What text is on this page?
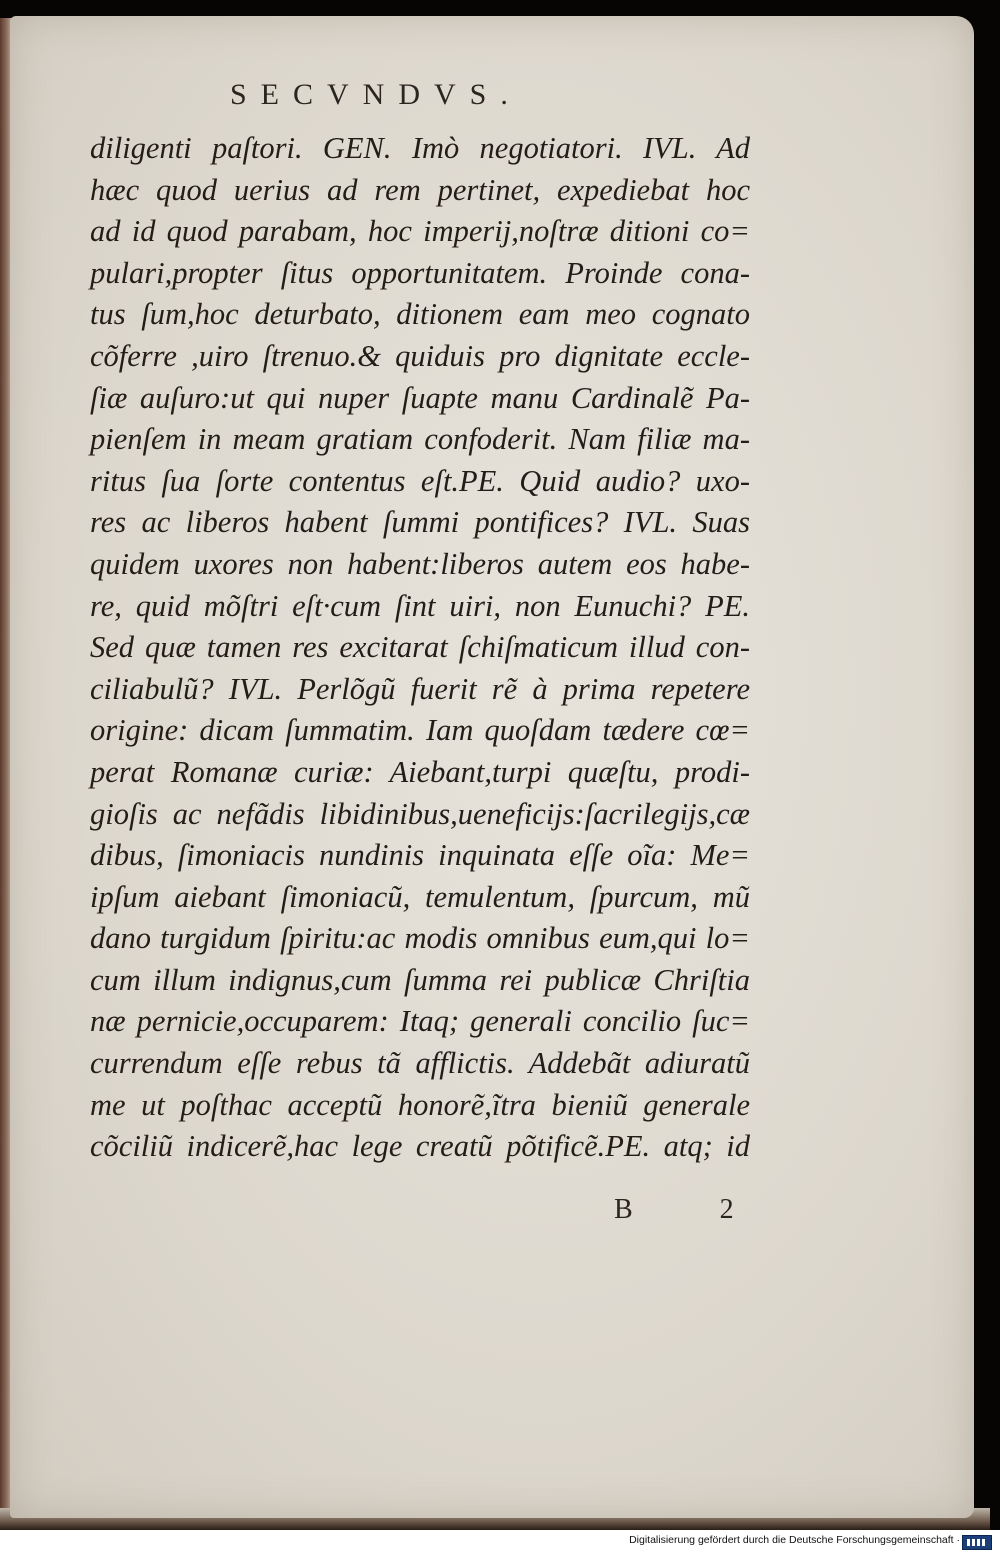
SECVNDVS.
diligenti paſtori. GEN. Imò negotiatori. IVL. Ad
hæc quod uerius ad rem pertinet, expediebat hoc
ad id quod parabam, hoc imperij,noſtræ ditioni co=
pulari,propter ſitus opportunitatem. Proinde cona-
tus ſum,hoc deturbato, ditionem eam meo cognato
cõferre ,uiro ſtrenuo.& quiduis pro dignitate eccle-
ſiæ auſuro:ut qui nuper ſuapte manu Cardinalẽ Pa-
pienſem in meam gratiam confoderit. Nam filiæ ma-
ritus ſua ſorte contentus eſt.PE. Quid audio? uxo-
res ac liberos habent ſummi pontifices? IVL. Suas
quidem uxores non habent:liberos autem eos habe-
re, quid mõſtri eſt·cum ſint uiri, non Eunuchi? PE.
Sed quæ tamen res excitarat ſchiſmaticum illud con-
ciliabulũ? IVL. Perlõgũ fuerit rẽ à prima repetere
origine: dicam ſummatim. Iam quoſdam tædere cœ=
perat Romanæ curiæ: Aiebant,turpi quæſtu, prodi-
gioſis ac nefãdis libidinibus,ueneficijs:ſacrilegijs,cæ
dibus, ſimoniacis nundinis inquinata eſſe oĩa: Me=
ipſum aiebant ſimoniacũ, temulentum, ſpurcum, mũ
dano turgidum ſpiritu:ac modis omnibus eum,qui lo=
cum illum indignus,cum ſumma rei publicæ Chriſtia
næ pernicie,occuparem: Itaq; generali concilio ſuc=
currendum eſſe rebus tã afflictis. Addebãt adiuratũ
me ut poſthac acceptũ honorẽ,ĩtra bieniũ generale
cõciliũ indicerẽ,hac lege creatũ põtificẽ.PE. atq; id
B 2
Digitalisierung gefördert durch die Deutsche Forschungsgemeinschaft ·
